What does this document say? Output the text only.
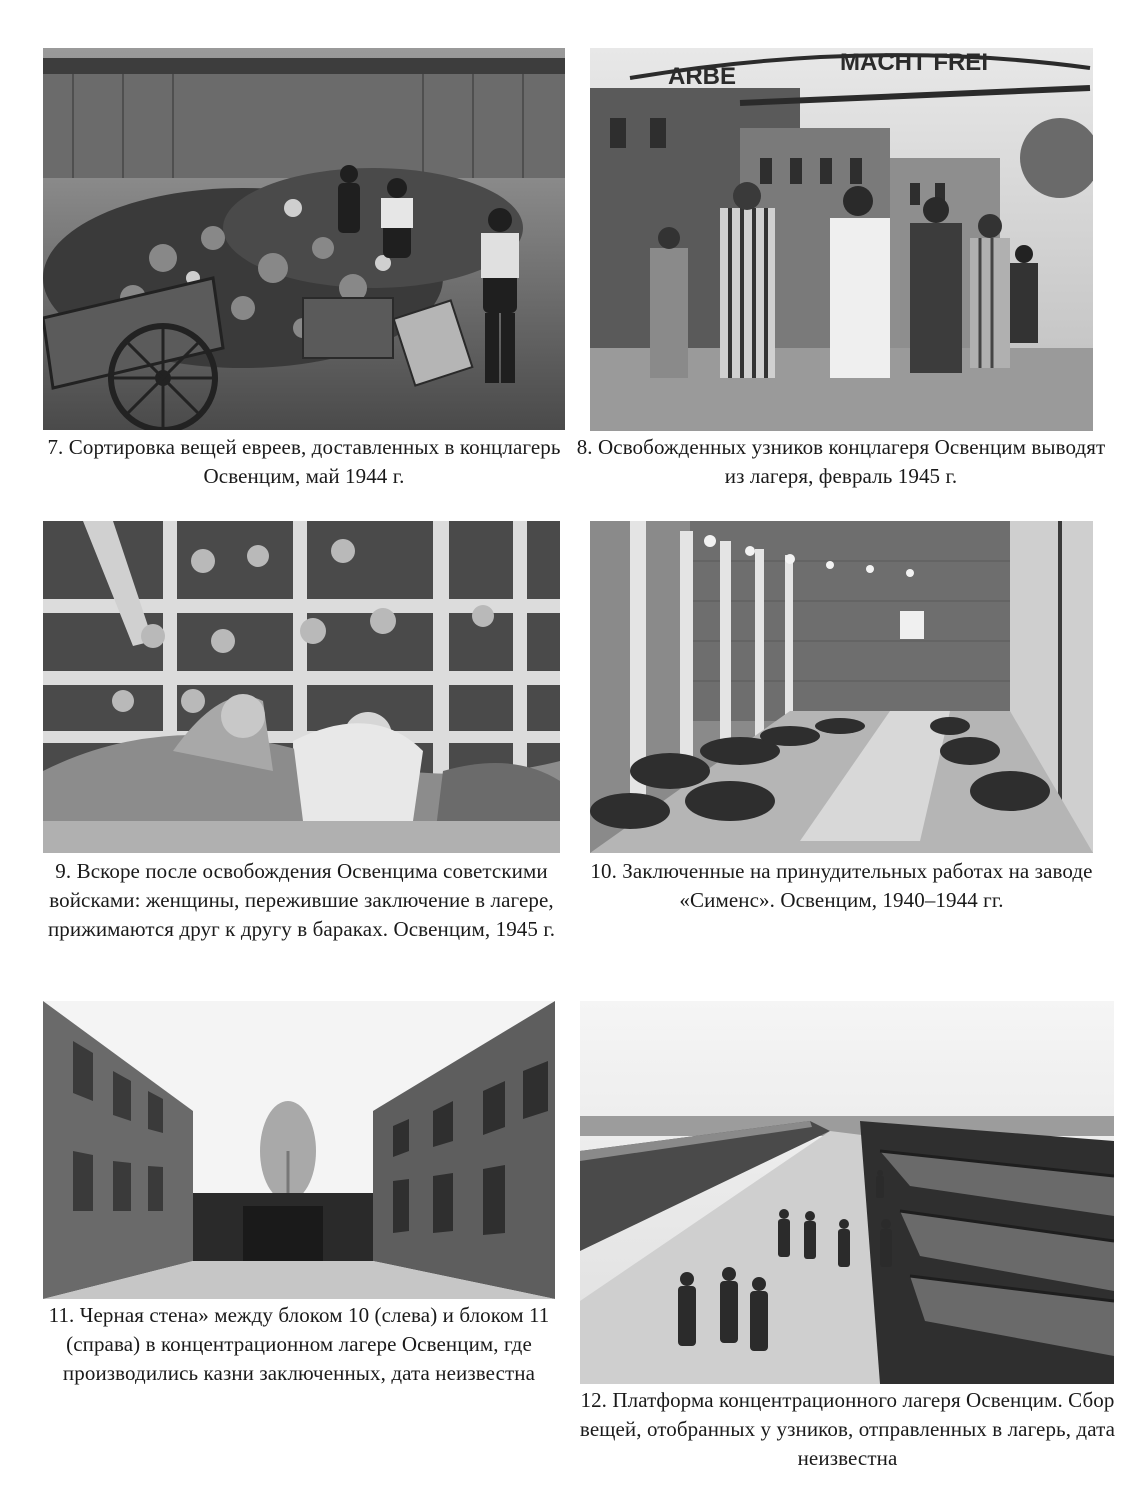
7. Сортировка вещей евреев, доставленных в концлагерь Освенцим, май 1944 г.
ARBE
MACHT FREI
8. Освобожденных узников концлагеря Освенцим выводят из лагеря, февраль 1945 г.
9. Вскоре после освобождения Освенцима советскими войсками: женщины, пережившие заключение в лагере, прижимаются друг к другу в бараках. Освенцим, 1945 г.
10. Заключенные на принудительных работах на заводе «Сименс». Освенцим, 1940–1944 гг.
11. Черная стена» между блоком 10 (слева) и блоком 11 (справа) в концентрационном лагере Освенцим, где производились казни заключенных, дата неизвестна
12. Платформа концентрационного лагеря Освенцим. Сбор вещей, отобранных у узников, отправленных в лагерь, дата неизвестна
